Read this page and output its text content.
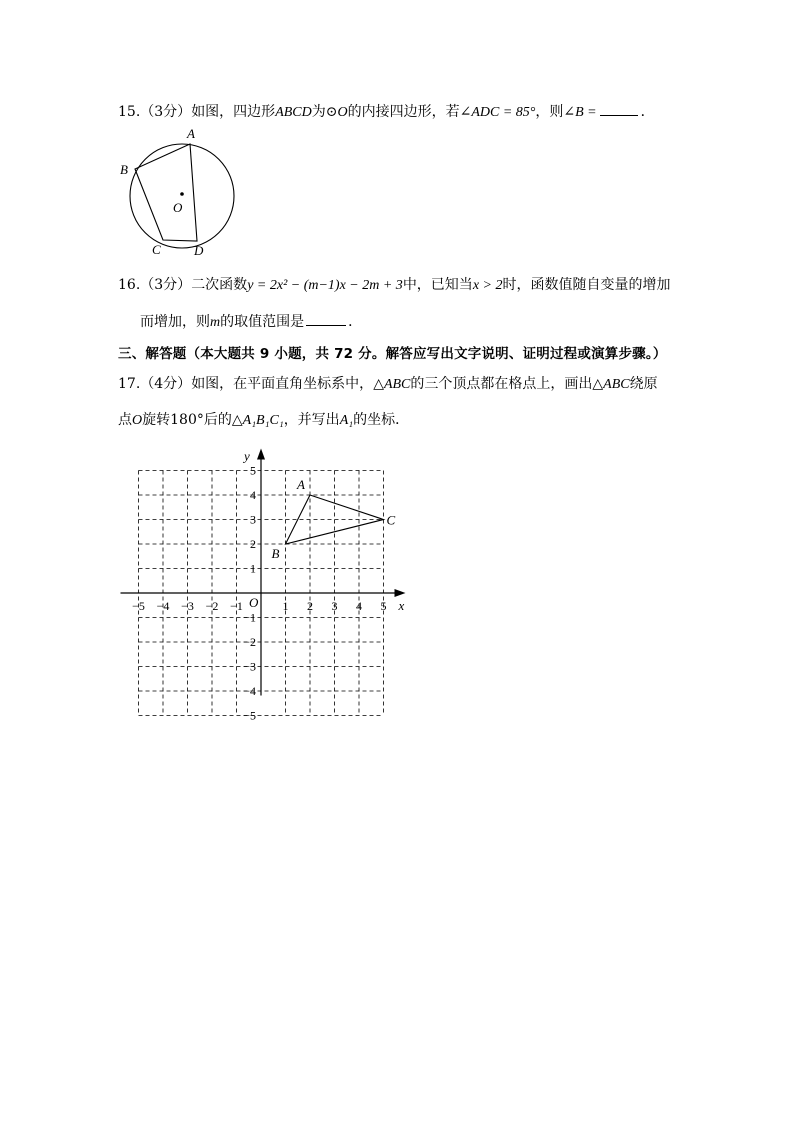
15.（3分）如图，四边形ABCD为⊙O的内接四边形，若∠ADC = 85°，则∠B =	．
A
B
C	D
O
16.（3分）二次函数y = 2x² − (m−1)x − 2m + 3中，已知当x > 2时，函数值随自变量的增加
而增加，则m的取值范围是	．
三、解答题（本大题共 9 小题，共 72 分。解答应写出文字说明、证明过程或演算步骤。）
17.（4分）如图，在平面直角坐标系中，△ABC的三个顶点都在格点上，画出△ABC绕原
点O旋转180°后的△A₁B₁C₁，并写出A₁的坐标．
x
y
O
−5 −4 −3 −2 −1	1 2 3 4 5
5
4
3
2
1
−1
−2
−3
−4
−5
A
B
C
